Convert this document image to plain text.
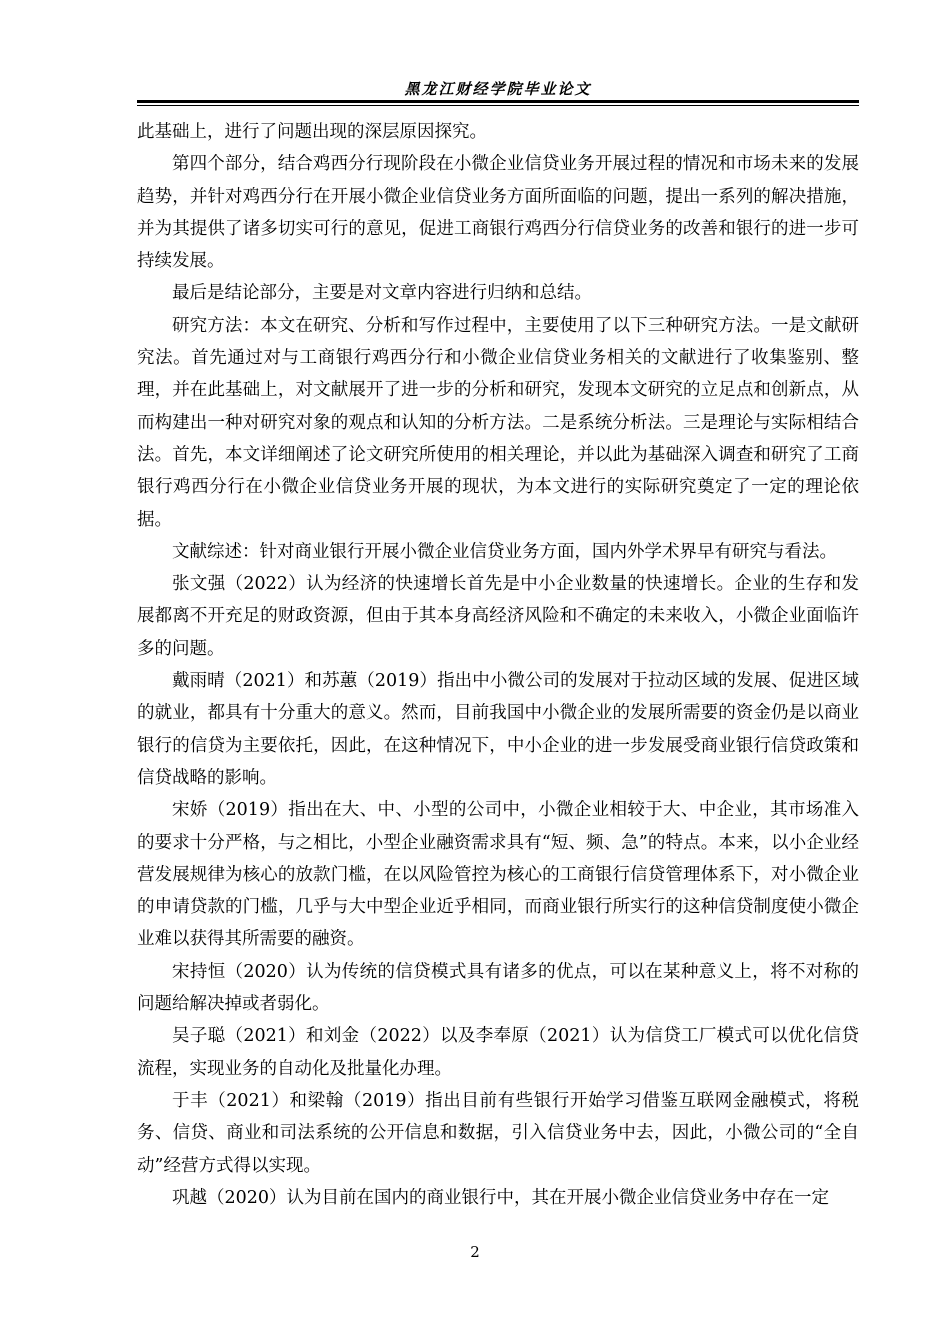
黑龙江财经学院毕业论文

此基础上，进行了问题出现的深层原因探究。

第四个部分，结合鸡西分行现阶段在小微企业信贷业务开展过程的情况和市场未来的发展趋势，并针对鸡西分行在开展小微企业信贷业务方面所面临的问题，提出一系列的解决措施，并为其提供了诸多切实可行的意见，促进工商银行鸡西分行信贷业务的改善和银行的进一步可持续发展。

最后是结论部分，主要是对文章内容进行归纳和总结。

研究方法：本文在研究、分析和写作过程中，主要使用了以下三种研究方法。一是文献研究法。首先通过对与工商银行鸡西分行和小微企业信贷业务相关的文献进行了收集鉴别、整理，并在此基础上，对文献展开了进一步的分析和研究，发现本文研究的立足点和创新点，从而构建出一种对研究对象的观点和认知的分析方法。二是系统分析法。三是理论与实际相结合法。首先，本文详细阐述了论文研究所使用的相关理论，并以此为基础深入调查和研究了工商银行鸡西分行在小微企业信贷业务开展的现状，为本文进行的实际研究奠定了一定的理论依据。

文献综述：针对商业银行开展小微企业信贷业务方面，国内外学术界早有研究与看法。

张文强（2022）认为经济的快速增长首先是中小企业数量的快速增长。企业的生存和发展都离不开充足的财政资源，但由于其本身高经济风险和不确定的未来收入，小微企业面临许多的问题。

戴雨晴（2021）和苏蕙（2019）指出中小微公司的发展对于拉动区域的发展、促进区域的就业，都具有十分重大的意义。然而，目前我国中小微企业的发展所需要的资金仍是以商业银行的信贷为主要依托，因此，在这种情况下，中小企业的进一步发展受商业银行信贷政策和信贷战略的影响。

宋娇（2019）指出在大、中、小型的公司中，小微企业相较于大、中企业，其市场准入的要求十分严格，与之相比，小型企业融资需求具有“短、频、急”的特点。本来，以小企业经营发展规律为核心的放款门槛，在以风险管控为核心的工商银行信贷管理体系下，对小微企业的申请贷款的门槛，几乎与大中型企业近乎相同，而商业银行所实行的这种信贷制度使小微企业难以获得其所需要的融资。

宋持恒（2020）认为传统的信贷模式具有诸多的优点，可以在某种意义上，将不对称的问题给解决掉或者弱化。

吴子聪（2021）和刘金（2022）以及李奉原（2021）认为信贷工厂模式可以优化信贷流程，实现业务的自动化及批量化办理。

于丰（2021）和梁翰（2019）指出目前有些银行开始学习借鉴互联网金融模式，将税务、信贷、商业和司法系统的公开信息和数据，引入信贷业务中去，因此，小微公司的“全自动”经营方式得以实现。

巩越（2020）认为目前在国内的商业银行中，其在开展小微企业信贷业务中存在一定

2
